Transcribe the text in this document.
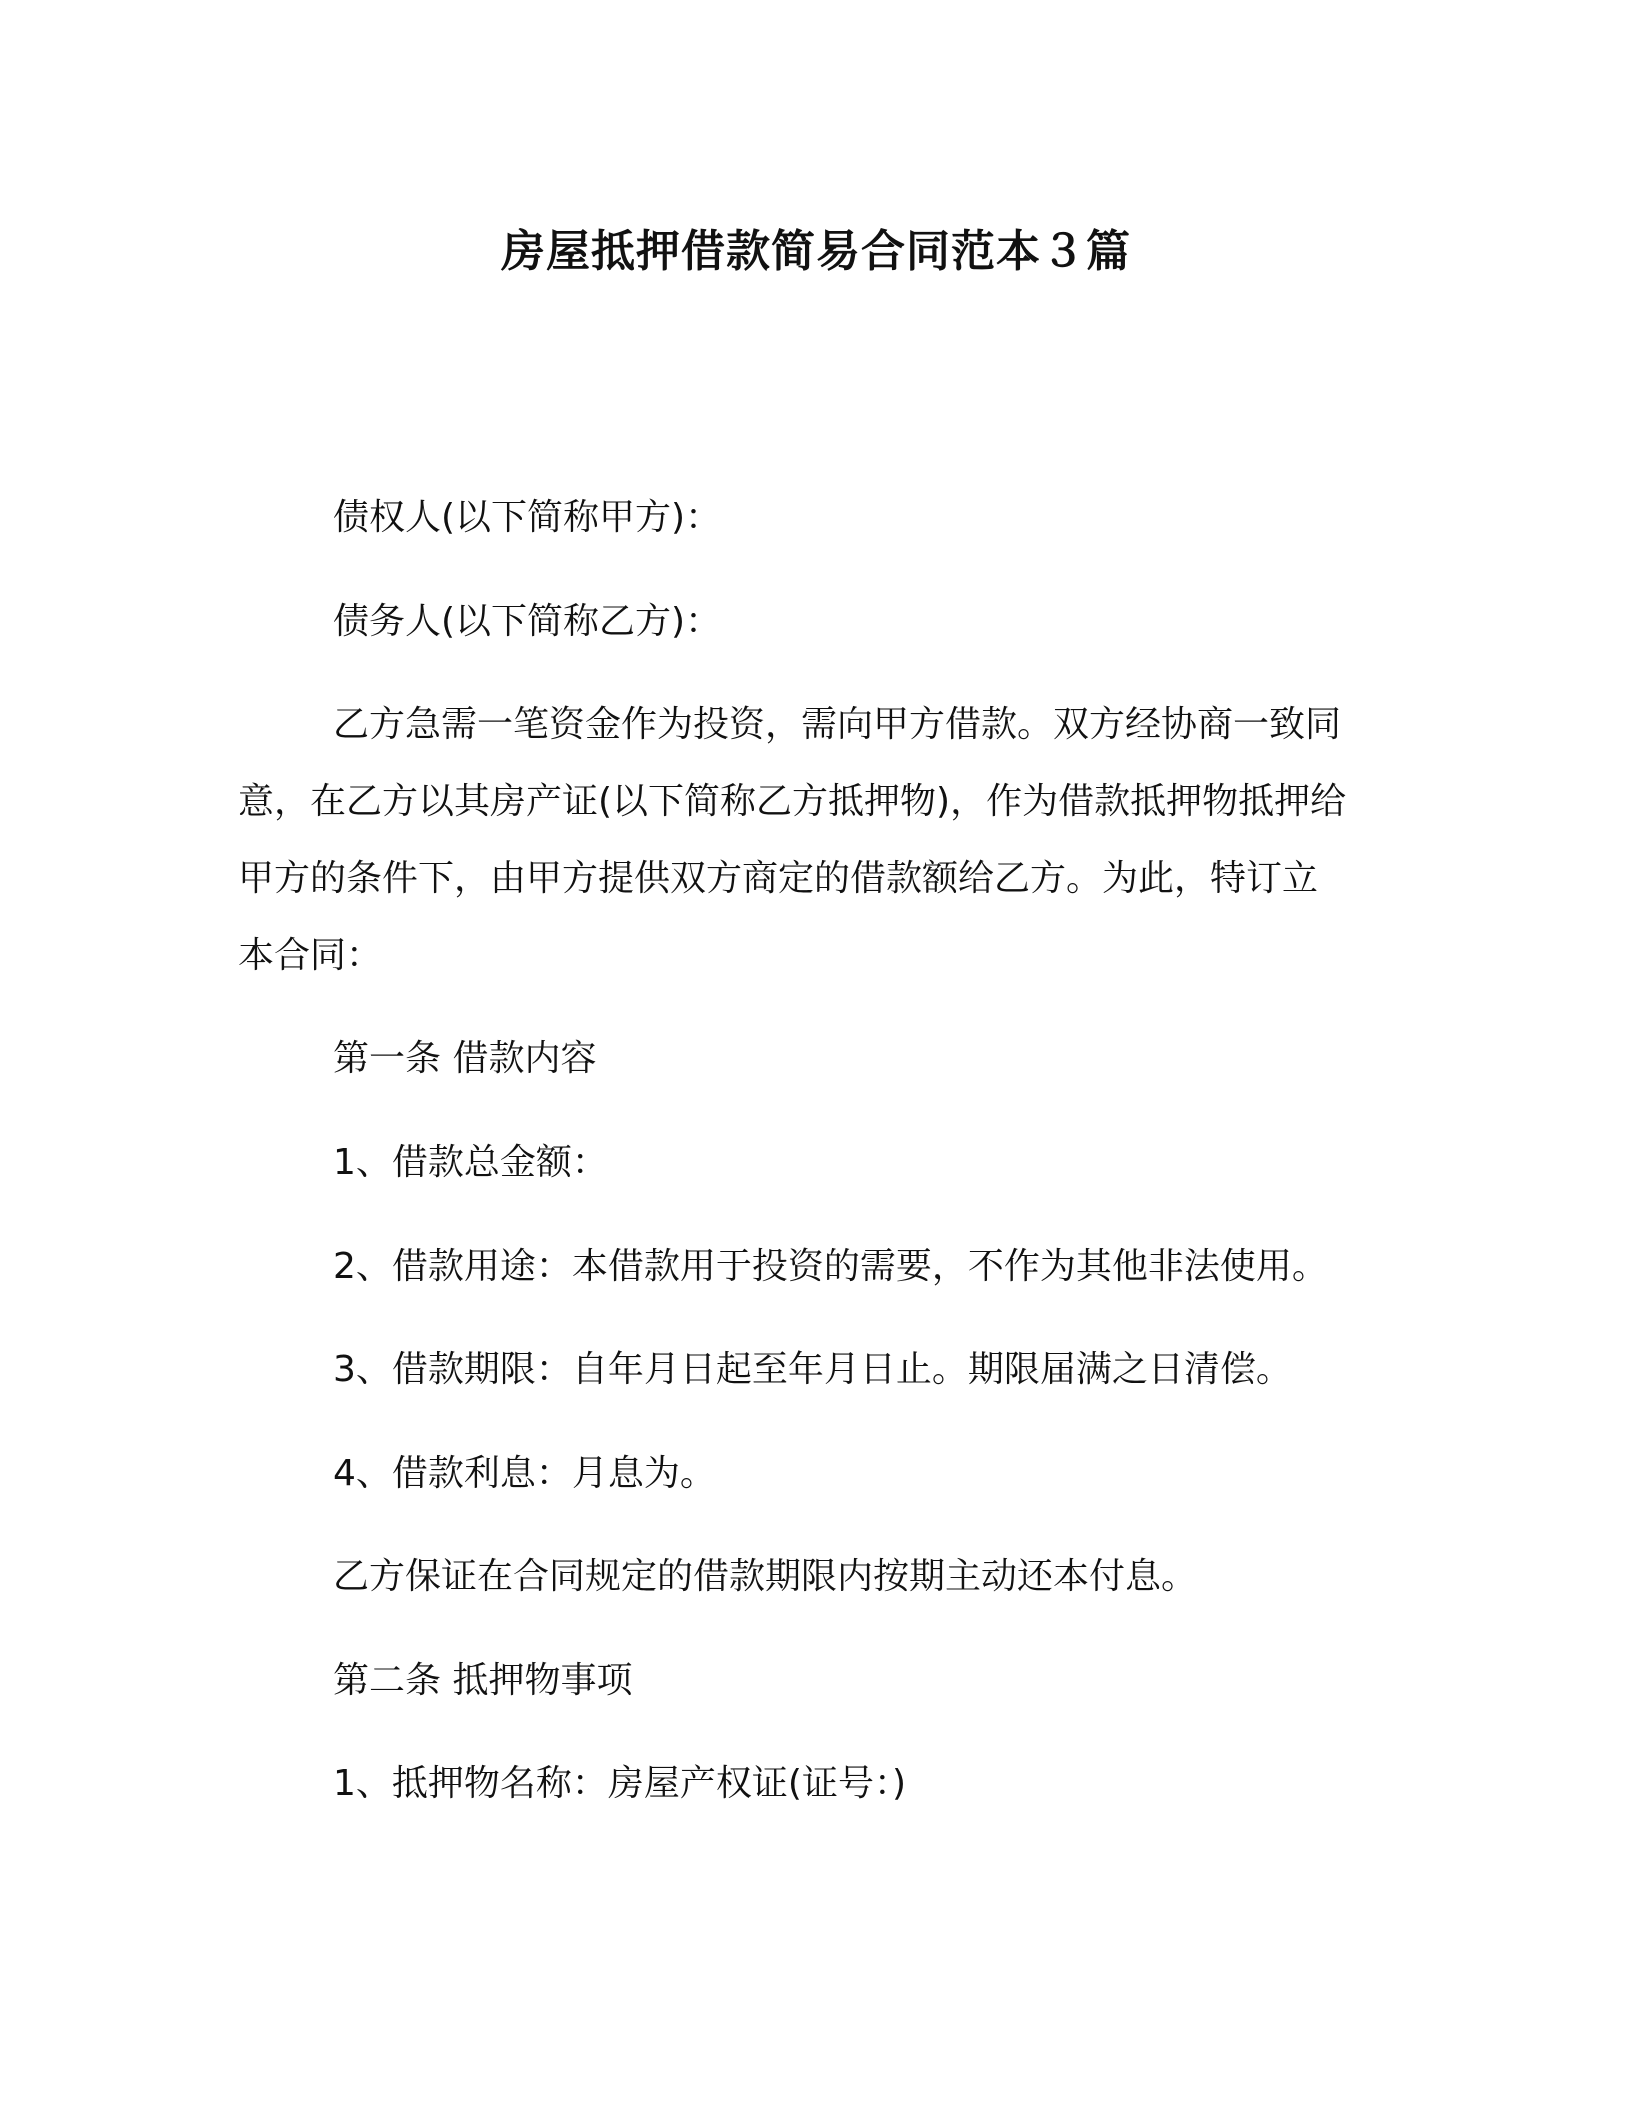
房屋抵押借款简易合同范本３篇
债权人(以下简称甲方)：
债务人(以下简称乙方)：
乙方急需一笔资金作为投资，需向甲方借款。双方经协商一致同
意，在乙方以其房产证(以下简称乙方抵押物)，作为借款抵押物抵押给
甲方的条件下，由甲方提供双方商定的借款额给乙方。为此，特订立
本合同：
第一条 借款内容
1、借款总金额：
2、借款用途：本借款用于投资的需要，不作为其他非法使用。
3、借款期限：自年月日起至年月日止。期限届满之日清偿。
4、借款利息：月息为。
乙方保证在合同规定的借款期限内按期主动还本付息。
第二条 抵押物事项
1、抵押物名称：房屋产权证(证号：)
